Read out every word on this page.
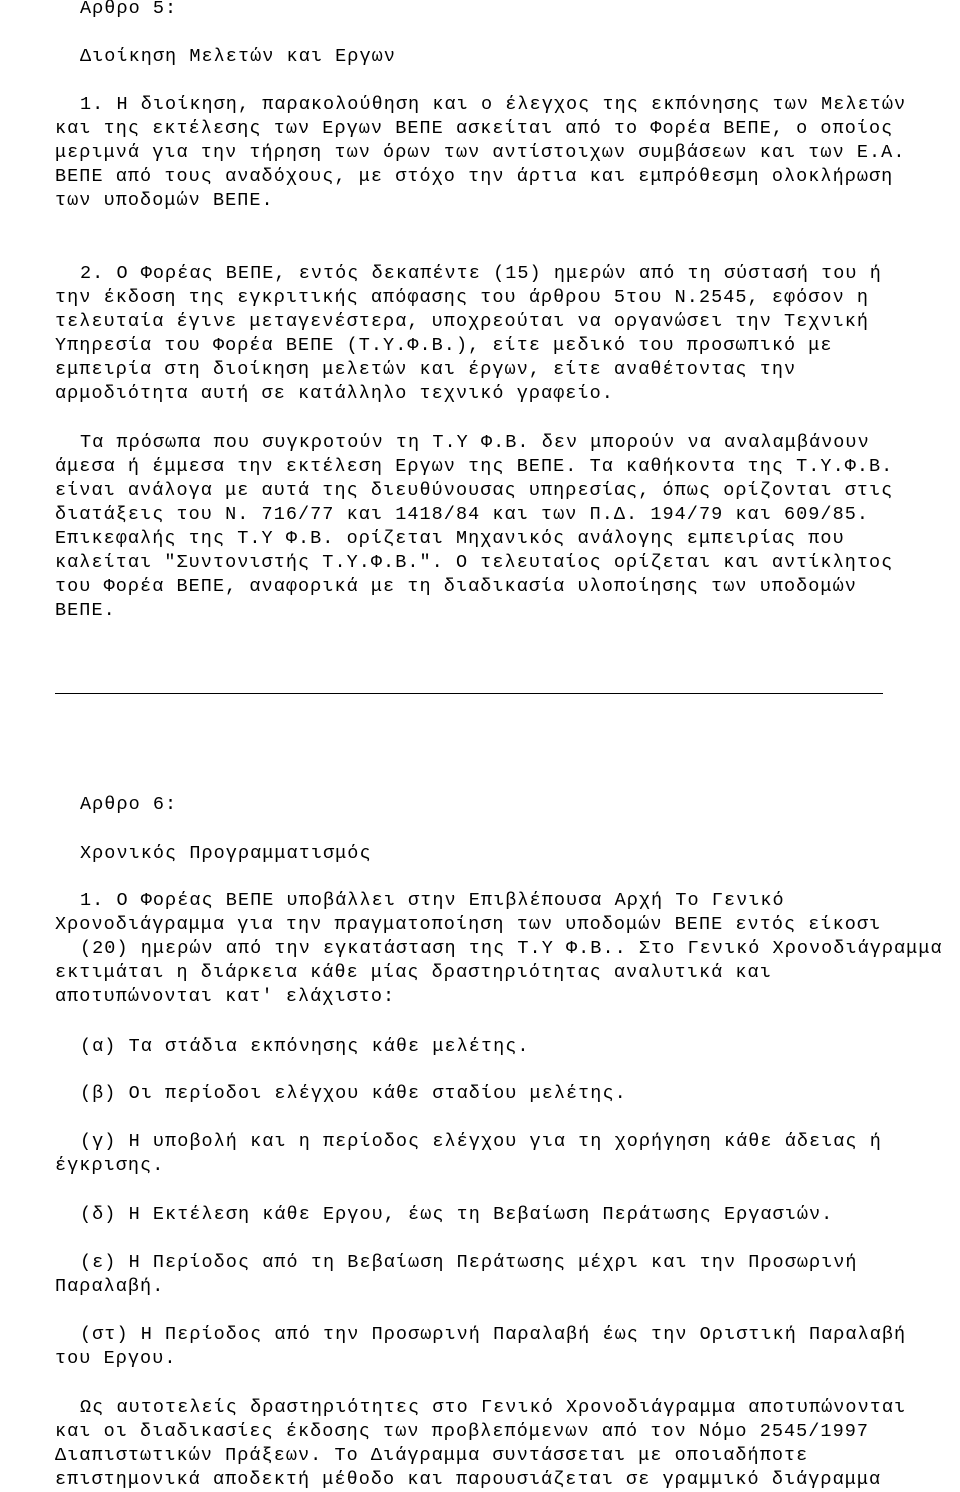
Αρθρο 5:

Διοίκηση Μελετών και Εργων

1. Η διοίκηση, παρακολούθηση και ο έλεγχος της εκπόνησης των Μελετών

και της εκτέλεσης των Εργων ΒΕΠΕ ασκείται από το Φορέα ΒΕΠΕ, ο οποίος

μεριμνά για την τήρηση των όρων των αντίστοιχων συμβάσεων και των Ε.Α.

ΒΕΠΕ από τους αναδόχους, με στόχο την άρτια και εμπρόθεσμη ολοκλήρωση

των υποδομών ΒΕΠΕ.

2. Ο Φορέας ΒΕΠΕ, εντός δεκαπέντε (15) ημερών από τη σύστασή του ή

την έκδοση της εγκριτικής απόφασης του άρθρου 5του Ν.2545, εφόσον η

τελευταία έγινε μεταγενέστερα, υποχρεούται να οργανώσει την Τεχνική

Υπηρεσία του Φορέα ΒΕΠΕ (Τ.Υ.Φ.Β.), είτε μεδικό του προσωπικό με

εμπειρία στη διοίκηση μελετών και έργων, είτε αναθέτοντας την

αρμοδιότητα αυτή σε κατάλληλο τεχνικό γραφείο.

Τα πρόσωπα που συγκροτούν τη Τ.Υ Φ.Β. δεν μπορούν να αναλαμβάνουν

άμεσα ή έμμεσα την εκτέλεση Εργων της ΒΕΠΕ. Τα καθήκοντα της Τ.Υ.Φ.Β.

είναι ανάλογα με αυτά της διευθύνουσας υπηρεσίας, όπως ορίζονται στις

διατάξεις του Ν. 716/77 και 1418/84 και των Π.Δ. 194/79 και 609/85.

Επικεφαλής της Τ.Υ Φ.Β. ορίζεται Μηχανικός ανάλογης εμπειρίας που

καλείται "Συντονιστής Τ.Υ.Φ.Β.". Ο τελευταίος ορίζεται και αντίκλητος

του Φορέα ΒΕΠΕ, αναφορικά με τη διαδικασία υλοποίησης των υποδομών

ΒΕΠΕ.

Αρθρο 6:

Χρονικός Προγραμματισμός

1. Ο Φορέας ΒΕΠΕ υποβάλλει στην Επιβλέπουσα Αρχή Το Γενικό

Χρονοδιάγραμμα για την πραγματοποίηση των υποδομών ΒΕΠΕ εντός είκοσι

(20) ημερών από την εγκατάσταση της Τ.Υ Φ.Β.. Στο Γενικό Χρονοδιάγραμμα

εκτιμάται η διάρκεια κάθε μίας δραστηριότητας αναλυτικά και

αποτυπώνονται κατ' ελάχιστο:

(α) Τα στάδια εκπόνησης κάθε μελέτης.

(β) Οι περίοδοι ελέγχου κάθε σταδίου μελέτης.

(γ) Η υποβολή και η περίοδος ελέγχου για τη χορήγηση κάθε άδειας ή

έγκρισης.

(δ) Η Εκτέλεση κάθε Εργου, έως τη Βεβαίωση Περάτωσης Εργασιών.

(ε) Η Περίοδος από τη Βεβαίωση Περάτωσης μέχρι και την Προσωρινή

Παραλαβή.

(στ) Η Περίοδος από την Προσωρινή Παραλαβή έως την Οριστική Παραλαβή

του Εργου.

Ως αυτοτελείς δραστηριότητες στο Γενικό Χρονοδιάγραμμα αποτυπώνονται

και οι διαδικασίες έκδοσης των προβλεπόμενων από τον Νόμο 2545/1997

Διαπιστωτικών Πράξεων. Το Διάγραμμα συντάσσεται με οποιαδήποτε

επιστημονικά αποδεκτή μέθοδο και παρουσιάζεται σε γραμμικό διάγραμμα
